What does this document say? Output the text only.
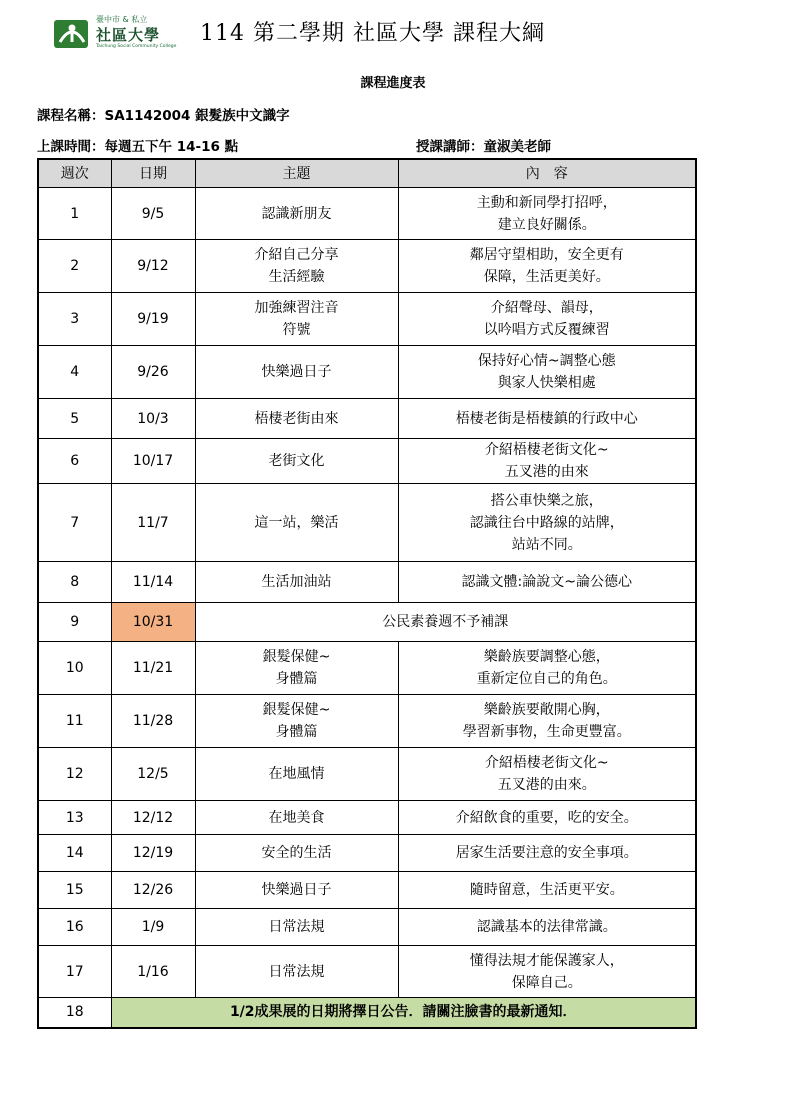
臺中市 & 私立
社區大學
Taichung Social Community College
114 第二學期 社區大學 課程大綱
課程進度表
課程名稱：SA1142004 銀髮族中文識字
上課時間：每週五下午 14-16 點	授課講師：童淑美老師
週次	日期	主題	內　容
1	9/5	認識新朋友	主動和新同學打招呼，
建立良好關係。
2	9/12	介紹自己分享
生活經驗	鄰居守望相助，安全更有
保障，生活更美好。
3	9/19	加強練習注音
符號	介紹聲母、韻母，
以吟唱方式反覆練習
4	9/26	快樂過日子	保持好心情~調整心態
與家人快樂相處
5	10/3	梧棲老街由來	梧棲老街是梧棲鎮的行政中心
6	10/17	老街文化	介紹梧棲老街文化~
五叉港的由來
7	11/7	這一站，樂活	搭公車快樂之旅，
認識往台中路線的站牌，
站站不同。
8	11/14	生活加油站	認識文體:論說文~論公德心
9	10/31	公民素養週不予補課	
10	11/21	銀髮保健~
身體篇	樂齡族要調整心態，
重新定位自己的角色。
11	11/28	銀髮保健~
身體篇	樂齡族要敞開心胸，
學習新事物，生命更豐富。
12	12/5	在地風情	介紹梧棲老街文化~
五叉港的由來。
13	12/12	在地美食	介紹飲食的重要，吃的安全。
14	12/19	安全的生活	居家生活要注意的安全事項。
15	12/26	快樂過日子	隨時留意，生活更平安。
16	1/9	日常法規	認識基本的法律常識。
17	1/16	日常法規	懂得法規才能保護家人，
保障自己。
18	1/2成果展的日期將擇日公告．請關注臉書的最新通知．		
